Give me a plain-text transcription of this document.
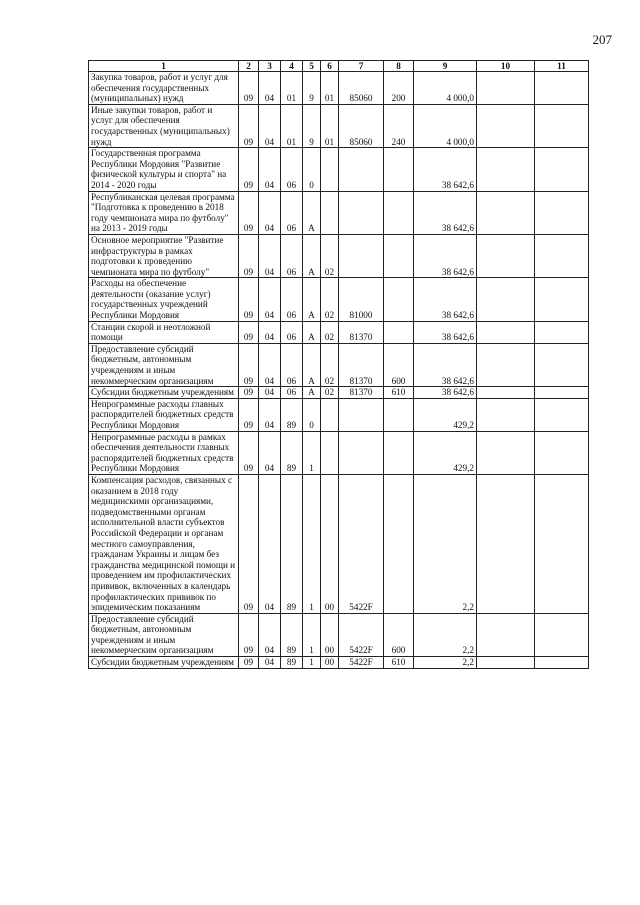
207
1	2	3	4	5	6	7	8	9	10	11
Закупка товаров, работ и услуг для обеспечения государственных (муниципальных) нужд	09	04	01	9	01	85060	200	4 000,0		
Иные закупки товаров, работ и услуг для обеспечения государственных (муниципальных) нужд	09	04	01	9	01	85060	240	4 000,0		
Государственная программа Республики Мордовия "Развитие физической культуры и спорта" на 2014 - 2020 годы	09	04	06	0				38 642,6		
Республиканская целевая программа "Подготовка к проведению в 2018 году чемпионата мира по футболу" на 2013 - 2019 годы	09	04	06	А				38 642,6		
Основное мероприятие "Развитие инфраструктуры в рамках подготовки к проведению чемпионата мира по футболу"	09	04	06	А	02			38 642,6		
Расходы на обеспечение деятельности (оказание услуг) государственных учреждений Республики Мордовия	09	04	06	А	02	81000		38 642,6		
Станции скорой и неотложной помощи	09	04	06	А	02	81370		38 642,6		
Предоставление субсидий бюджетным, автономным учреждениям и иным некоммерческим организациям	09	04	06	А	02	81370	600	38 642,6		
Субсидии бюджетным учреждениям	09	04	06	А	02	81370	610	38 642,6		
Непрограммные расходы главных распорядителей бюджетных средств Республики Мордовия	09	04	89	0				429,2		
Непрограммные расходы в рамках обеспечения деятельности главных распорядителей бюджетных средств Республики Мордовия	09	04	89	1				429,2		
Компенсация расходов, связанных с оказанием в 2018 году медицинскими организациями, подведомственными органам исполнительной власти субъектов Российской Федерации и органам местного самоуправления, гражданам Украины и лицам без гражданства медицинской помощи и проведением им профилактических прививок, включенных в календарь профилактических прививок по эпидемическим показаниям	09	04	89	1	00	5422F		2,2		
Предоставление субсидий бюджетным, автономным учреждениям и иным некоммерческим организациям	09	04	89	1	00	5422F	600	2,2		
Субсидии бюджетным учреждениям	09	04	89	1	00	5422F	610	2,2		
